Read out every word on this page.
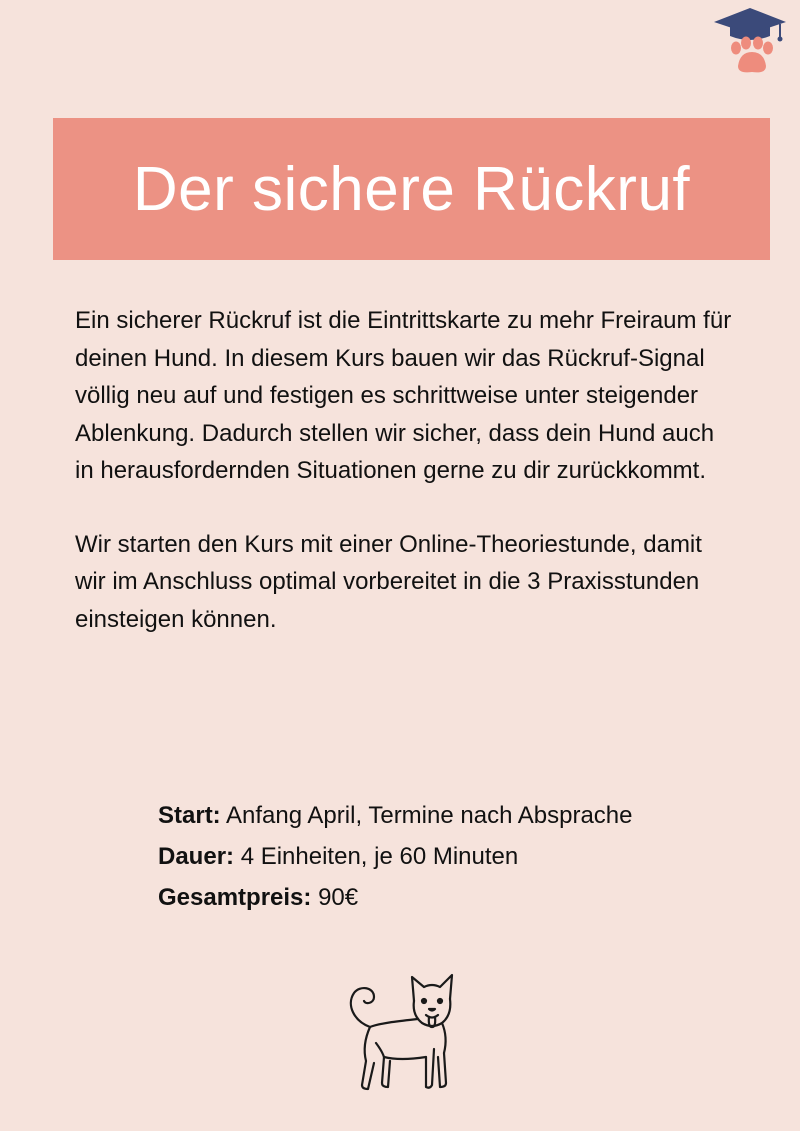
Der sichere Rückruf

Ein sicherer Rückruf ist die Eintrittskarte zu mehr Freiraum für deinen Hund. In diesem Kurs bauen wir das Rückruf-Signal völlig neu auf und festigen es schrittweise unter steigender Ablenkung. Dadurch stellen wir sicher, dass dein Hund auch in herausfordernden Situationen gerne zu dir zurückkommt.

Wir starten den Kurs mit einer Online-Theoriestunde, damit wir im Anschluss optimal vorbereitet in die 3 Praxisstunden einsteigen können.

Start: Anfang April, Termine nach Absprache
Dauer: 4 Einheiten, je 60 Minuten
Gesamtpreis: 90€
